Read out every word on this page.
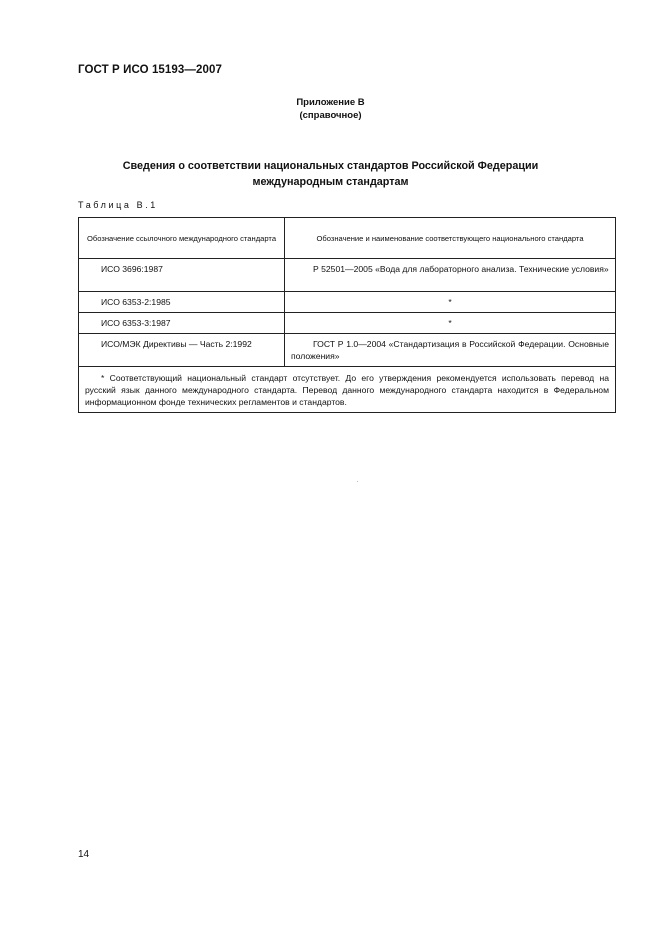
ГОСТ Р ИСО 15193—2007
Приложение В
(справочное)
Сведения о соответствии национальных стандартов Российской Федерации
международным стандартам
Таблица В.1
Обозначение ссылочного международного стандарта	Обозначение и наименование соответствующего национального стандарта
ИСО 3696:1987	Р 52501—2005 «Вода для лабораторного анализа. Технические условия»
ИСО 6353-2:1985	*
ИСО 6353-3:1987	*
ИСО/МЭК Директивы — Часть 2:1992	ГОСТ Р 1.0—2004 «Стандартизация в Российской Федерации. Основные положения»
* Соответствующий национальный стандарт отсутствует. До его утверждения рекомендуется использовать перевод на русский язык данного международного стандарта. Перевод данного международного стандарта находится в Федеральном информационном фонде технических регламентов и стандартов.	
14
